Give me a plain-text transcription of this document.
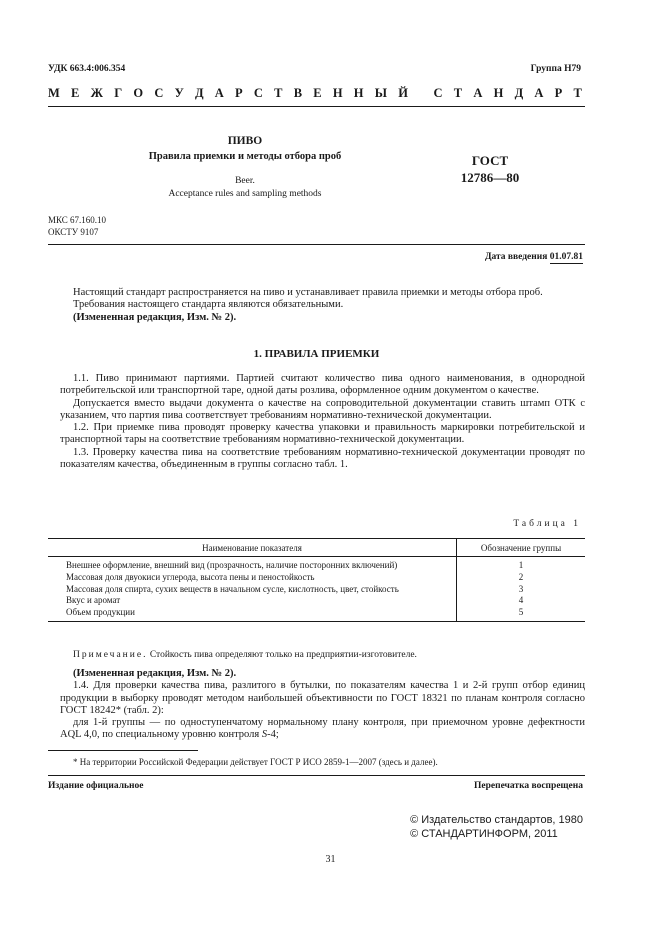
УДК 663.4:006.354	Группа Н79
М Е Ж Г О С У Д А Р С Т В Е Н Н Ы Й
С Т А Н Д А Р Т
ПИВО
Правила приемки и методы отбора проб
Beer.
Acceptance rules and sampling methods
ГОСТ
12786—80
МКС 67.160.10
ОКСТУ 9107
Дата введения 01.07.81

Настоящий стандарт распространяется на пиво и устанавливает правила приемки и методы отбора проб.

Требования настоящего стандарта являются обязательными.

(Измененная редакция, Изм. № 2).

1. ПРАВИЛА ПРИЕМКИ

1.1. Пиво принимают партиями. Партией считают количество пива одного наименования, в однородной потребительской или транспортной таре, одной даты розлива, оформленное одним документом о качестве.

Допускается вместо выдачи документа о качестве на сопроводительной документации ставить штамп ОТК с указанием, что партия пива соответствует требованиям нормативно-технической документации.

1.2. При приемке пива проводят проверку качества упаковки и правильность маркировки потребительской и транспортной тары на соответствие требованиям нормативно-технической документации.

1.3. Проверку качества пива на соответствие требованиям нормативно-технической документации проводят по показателям качества, объединенным в группы согласно табл. 1.

Таблица 1
Наименование показателя	Обозначение группы
Внешнее оформление, внешний вид (прозрачность, наличие посторонних включений)	1
Массовая доля двуокиси углерода, высота пены и пеностойкость	2
Массовая доля спирта, сухих веществ в начальном сусле, кислотность, цвет, стойкость	3
Вкус и аромат	4
Объем продукции	5
Примечание. Стойкость пива определяют только на предприятии-изготовителе.

(Измененная редакция, Изм. № 2).

1.4. Для проверки качества пива, разлитого в бутылки, по показателям качества 1 и 2-й групп отбор единиц продукции в выборку проводят методом наибольшей объективности по ГОСТ 18321 по планам контроля согласно ГОСТ 18242* (табл. 2):

для 1-й группы — по одноступенчатому нормальному плану контроля, при приемочном уровне дефектности AQL 4,0, по специальному уровню контроля S-4;

* На территории Российской Федерации действует ГОСТ Р ИСО 2859-1—2007 (здесь и далее).
Издание официальное	Перепечатка воспрещена
© Издательство стандартов, 1980
© СТАНДАРТИНФОРМ, 2011
31
